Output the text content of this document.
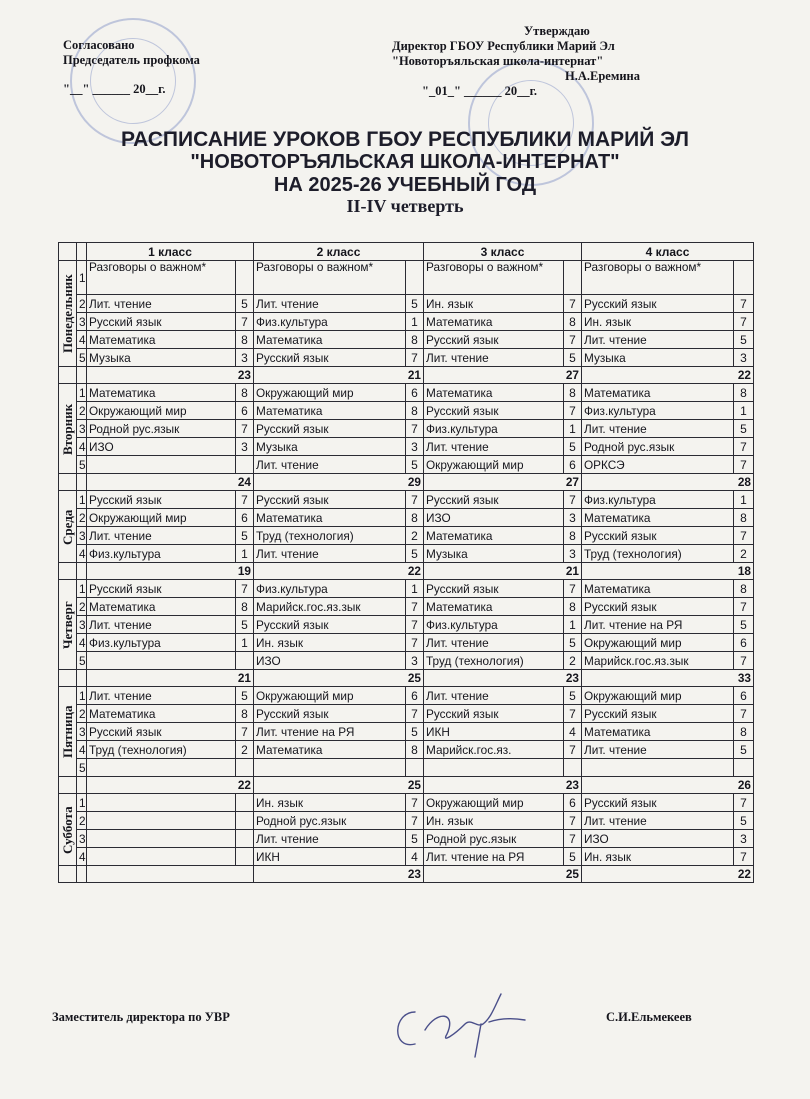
Согласовано
Председатель профкома
"__" ______ 20__г.
Утверждаю
Директор ГБОУ Республики Марий Эл
"Новоторъяльская школа-интернат"
Н.А.Еремина
"_01_" ______ 20__г.
РАСПИСАНИЕ УРОКОВ ГБОУ РЕСПУБЛИКИ МАРИЙ ЭЛ
"НОВОТОРЪЯЛЬСКАЯ ШКОЛА-ИНТЕРНАТ"
НА 2025-26 УЧЕБНЫЙ ГОД
II-IV четверть
		1 класс		2 класс		3 класс		4 класс	
Понедельник	1	Разговоры о важном*		Разговоры о важном*		Разговоры о важном*		Разговоры о важном*	
	2	Лит. чтение	5	Лит. чтение	5	Ин. язык	7	Русский язык	7
	3	Русский язык	7	Физ.культура	1	Математика	8	Ин. язык	7
	4	Математика	8	Математика	8	Русский язык	7	Лит. чтение	5
	5	Музыка	3	Русский язык	7	Лит. чтение	5	Музыка	3
		23		21		27		22	
Вторник	1	Математика	8	Окружающий мир	6	Математика	8	Математика	8
	2	Окружающий мир	6	Математика	8	Русский язык	7	Физ.культура	1
	3	Родной рус.язык	7	Русский язык	7	Физ.культура	1	Лит. чтение	5
	4	ИЗО	3	Музыка	3	Лит. чтение	5	Родной рус.язык	7
	5			Лит. чтение	5	Окружающий мир	6	ОРКСЭ	7
		24		29		27		28	
Среда	1	Русский язык	7	Русский язык	7	Русский язык	7	Физ.культура	1
	2	Окружающий мир	6	Математика	8	ИЗО	3	Математика	8
	3	Лит. чтение	5	Труд (технология)	2	Математика	8	Русский язык	7
	4	Физ.культура	1	Лит. чтение	5	Музыка	3	Труд (технология)	2
		19		22		21		18	
Четверг	1	Русский язык	7	Физ.культура	1	Русский язык	7	Математика	8
	2	Математика	8	Марийск.гос.яз.зык	7	Математика	8	Русский язык	7
	3	Лит. чтение	5	Русский язык	7	Физ.культура	1	Лит. чтение на РЯ	5
	4	Физ.культура	1	Ин. язык	7	Лит. чтение	5	Окружающий мир	6
	5			ИЗО	3	Труд (технология)	2	Марийск.гос.яз.зык	7
		21		25		23		33	
Пятница	1	Лит. чтение	5	Окружающий мир	6	Лит. чтение	5	Окружающий мир	6
	2	Математика	8	Русский язык	7	Русский язык	7	Русский язык	7
	3	Русский язык	7	Лит. чтение на РЯ	5	ИКН	4	Математика	8
	4	Труд (технология)	2	Математика	8	Марийск.гос.яз.	7	Лит. чтение	5
	5								
		22		25		23		26	
Суббота	1			Ин. язык	7	Окружающий мир	6	Русский язык	7
	2			Родной рус.язык	7	Ин. язык	7	Лит. чтение	5
	3			Лит. чтение	5	Родной рус.язык	7	ИЗО	3
	4			ИКН	4	Лит. чтение на РЯ	5	Ин. язык	7
				23		25		22	
Заместитель директора по УВР	С.И.Ельмекеев
